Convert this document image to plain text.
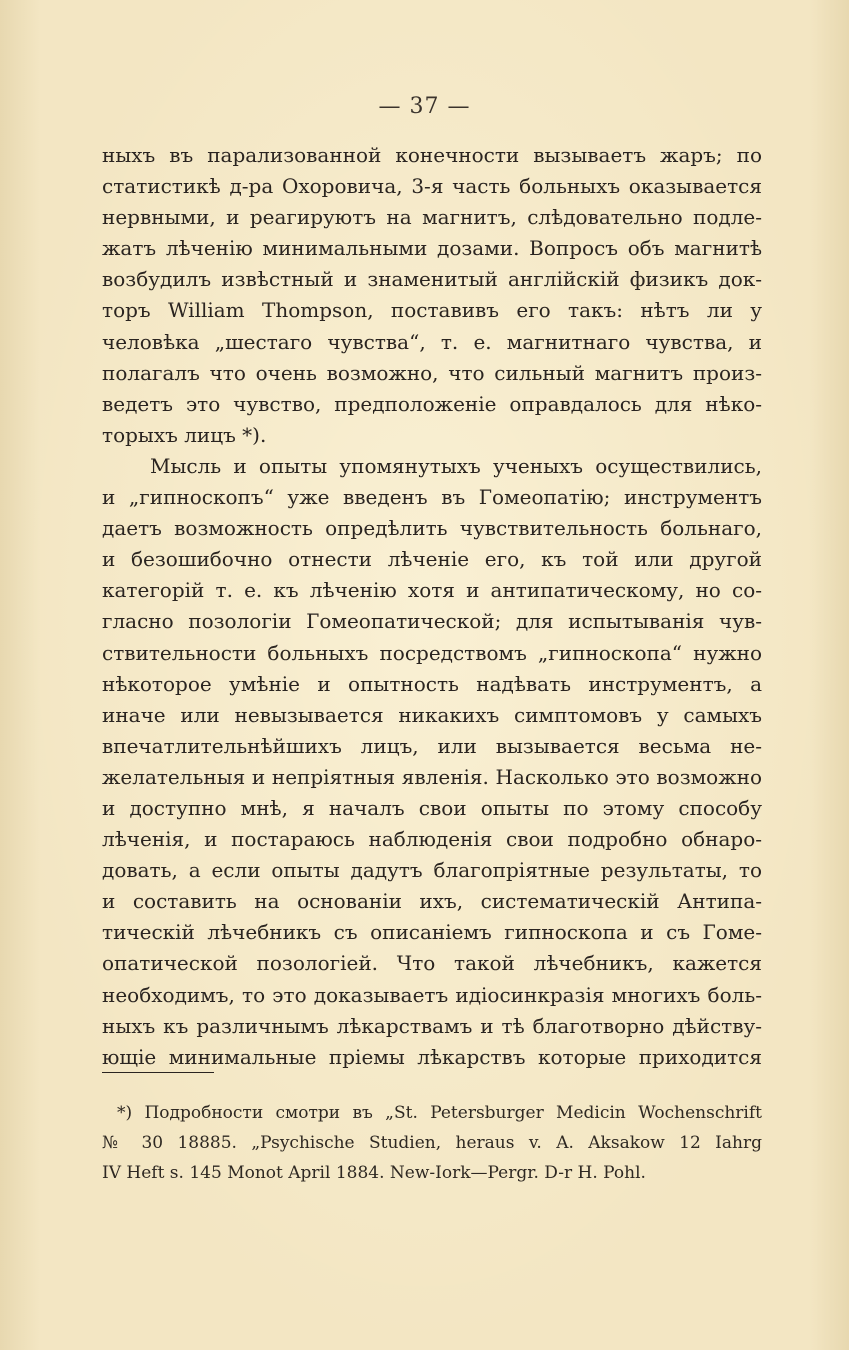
— 37 —
ныхъ въ парализованной конечности вызываетъ жаръ; по
статистикѣ д-ра Охоровича, 3-я часть больныхъ оказывается
нервными, и реагируютъ на магнитъ, слѣдовательно подле-
жатъ лѣченію минимальными дозами. Вопросъ объ магнитѣ
возбудилъ извѣстный и знаменитый англійскій физикъ док-
торъ William Thompson, поставивъ его такъ: нѣтъ ли у
человѣка „шестаго чувства“, т. е. магнитнаго чувства, и
полагалъ что очень возможно, что сильный магнитъ произ-
ведетъ это чувство, предположеніе оправдалось для нѣко-
торыхъ лицъ *).
Мысль и опыты упомянутыхъ ученыхъ осуществились,
и „гипноскопъ“ уже введенъ въ Гомеопатію; инструментъ
даетъ возможность опредѣлить чувствительность больнаго,
и безошибочно отнести лѣченіе его, къ той или другой
категорій т. е. къ лѣченію хотя и антипатическому, но со-
гласно позологіи Гомеопатической; для испытыванія чув-
ствительности больныхъ посредствомъ „гипноскопа“ нужно
нѣкоторое умѣніе и опытность надѣвать инструментъ, а
иначе или невызывается никакихъ симптомовъ у самыхъ
впечатлительнѣйшихъ лицъ, или вызывается весьма не-
желательныя и непріятныя явленія. Насколько это возможно
и доступно мнѣ, я началъ свои опыты по этому способу
лѣченія, и постараюсь наблюденія свои подробно обнаро-
довать, а если опыты дадутъ благопріятные результаты, то
и составить на основаніи ихъ, систематическій Антипа-
тическій лѣчебникъ съ описаніемъ гипноскопа и съ Гоме-
опатической позологіей. Что такой лѣчебникъ, кажется
необходимъ, то это доказываетъ идіосинкразія многихъ боль-
ныхъ къ различнымъ лѣкарствамъ и тѣ благотворно дѣйству-
ющіе минимальные пріемы лѣкарствъ которые приходится
*) Подробности смотри въ „St. Petersburger Medicin Wochenschrift
№ 30 18885. „Psychische Studien, heraus v. A. Aksakow 12 Iahrg
IV Heft s. 145 Monot April 1884. New-Iork—Pergr. D-r H. Pohl.
